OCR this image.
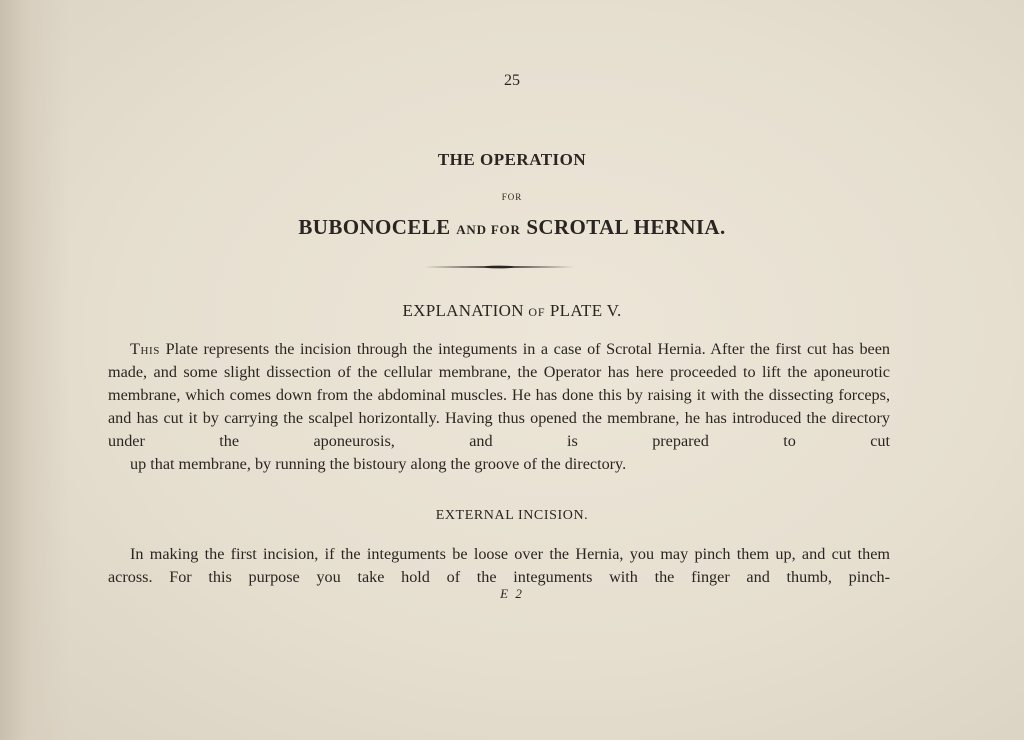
25
THE OPERATION
FOR
BUBONOCELE AND FOR SCROTAL HERNIA.
EXPLANATION OF PLATE V.
This Plate represents the incision through the integuments in a case of Scrotal Hernia. After the first cut has been made, and some slight dissection of the cellular membrane, the Operator has here proceeded to lift the aponeurotic membrane, which comes down from the abdominal muscles. He has done this by raising it with the dissecting forceps, and has cut it by carrying the scalpel horizontally. Having thus opened the membrane, he has introduced the directory under the aponeurosis, and is prepared to cut
up that membrane, by running the bistoury along the groove of the directory.
EXTERNAL INCISION.

In making the first incision, if the integuments be loose over the Hernia, you may pinch them up, and cut them across. For this purpose you take hold of the integuments with the finger and thumb, pinch-

E 2
